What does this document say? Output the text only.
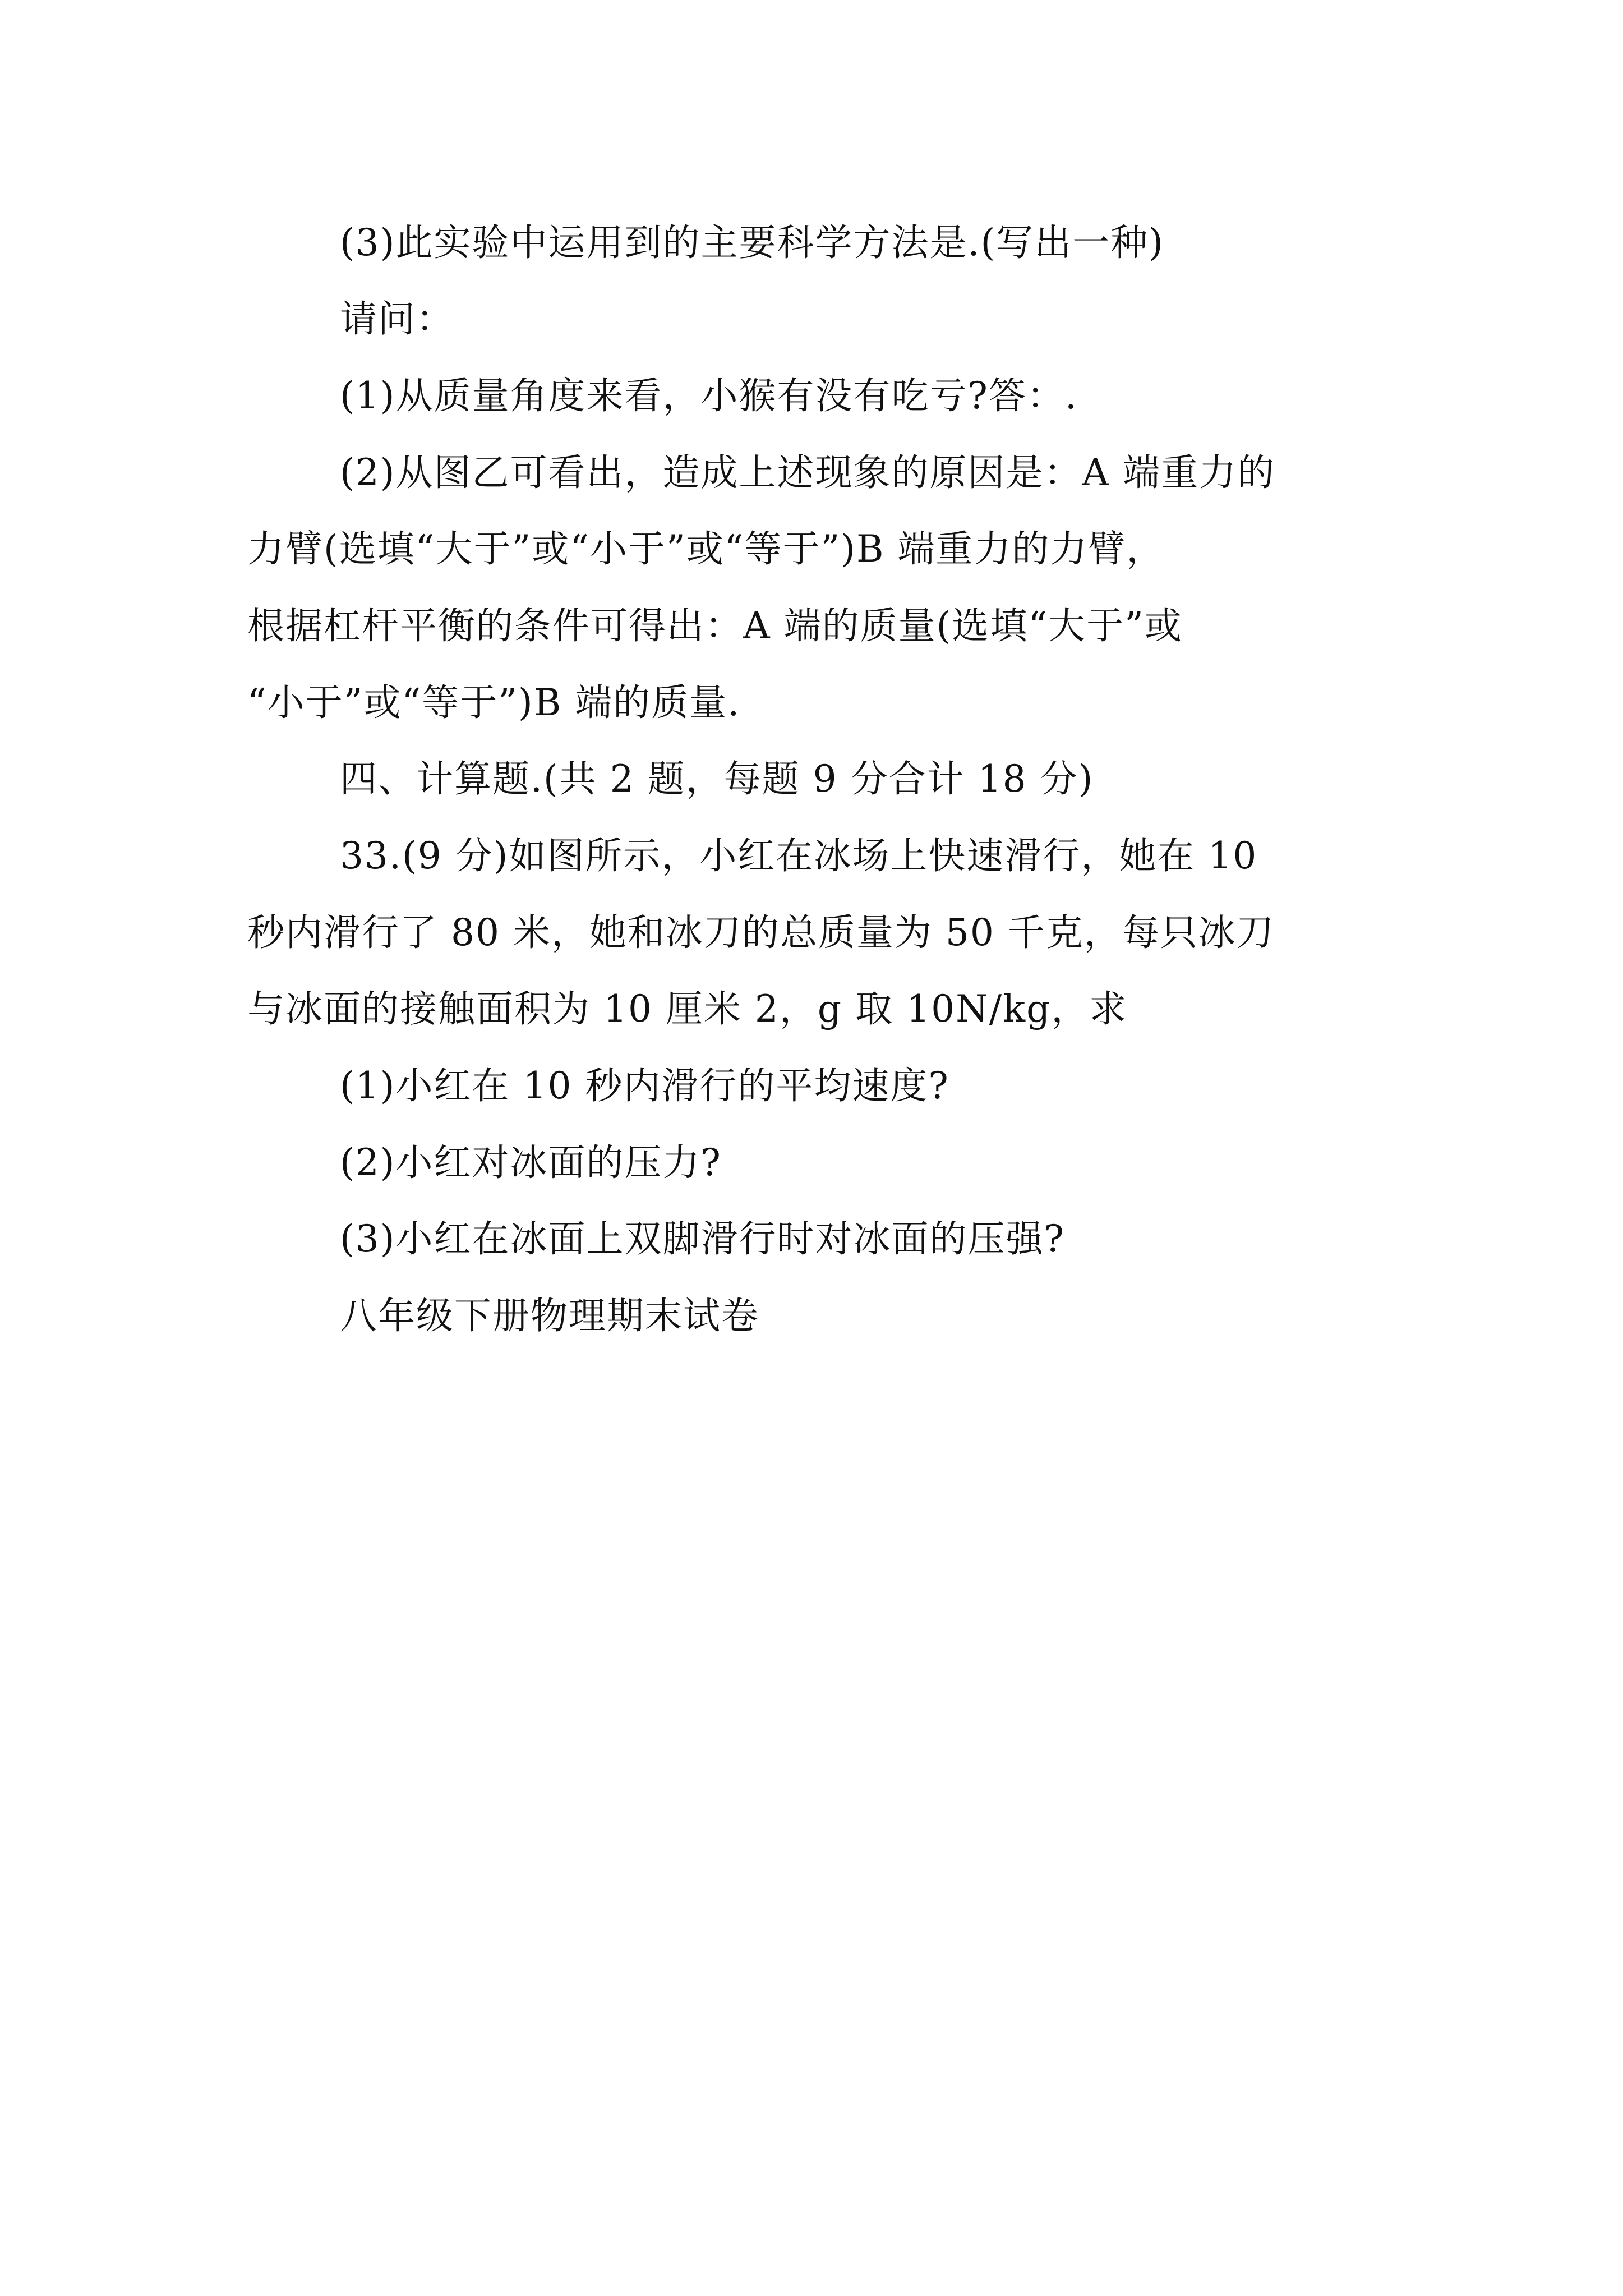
(3)此实验中运用到的主要科学方法是.(写出一种)
请问：
(1)从质量角度来看，小猴有没有吃亏?答：.
(2)从图乙可看出，造成上述现象的原因是：A 端重力的
力臂(选填“大于”或“小于”或“等于”)B 端重力的力臂，
根据杠杆平衡的条件可得出：A 端的质量(选填“大于”或
“小于”或“等于”)B 端的质量.
四、计算题.(共 2 题，每题 9 分合计 18 分)
33.(9 分)如图所示，小红在冰场上快速滑行，她在 10
秒内滑行了 80 米，她和冰刀的总质量为 50 千克，每只冰刀
与冰面的接触面积为 10 厘米 2，g 取 10N/kg，求
(1)小红在 10 秒内滑行的平均速度?
(2)小红对冰面的压力?
(3)小红在冰面上双脚滑行时对冰面的压强?
八年级下册物理期末试卷
